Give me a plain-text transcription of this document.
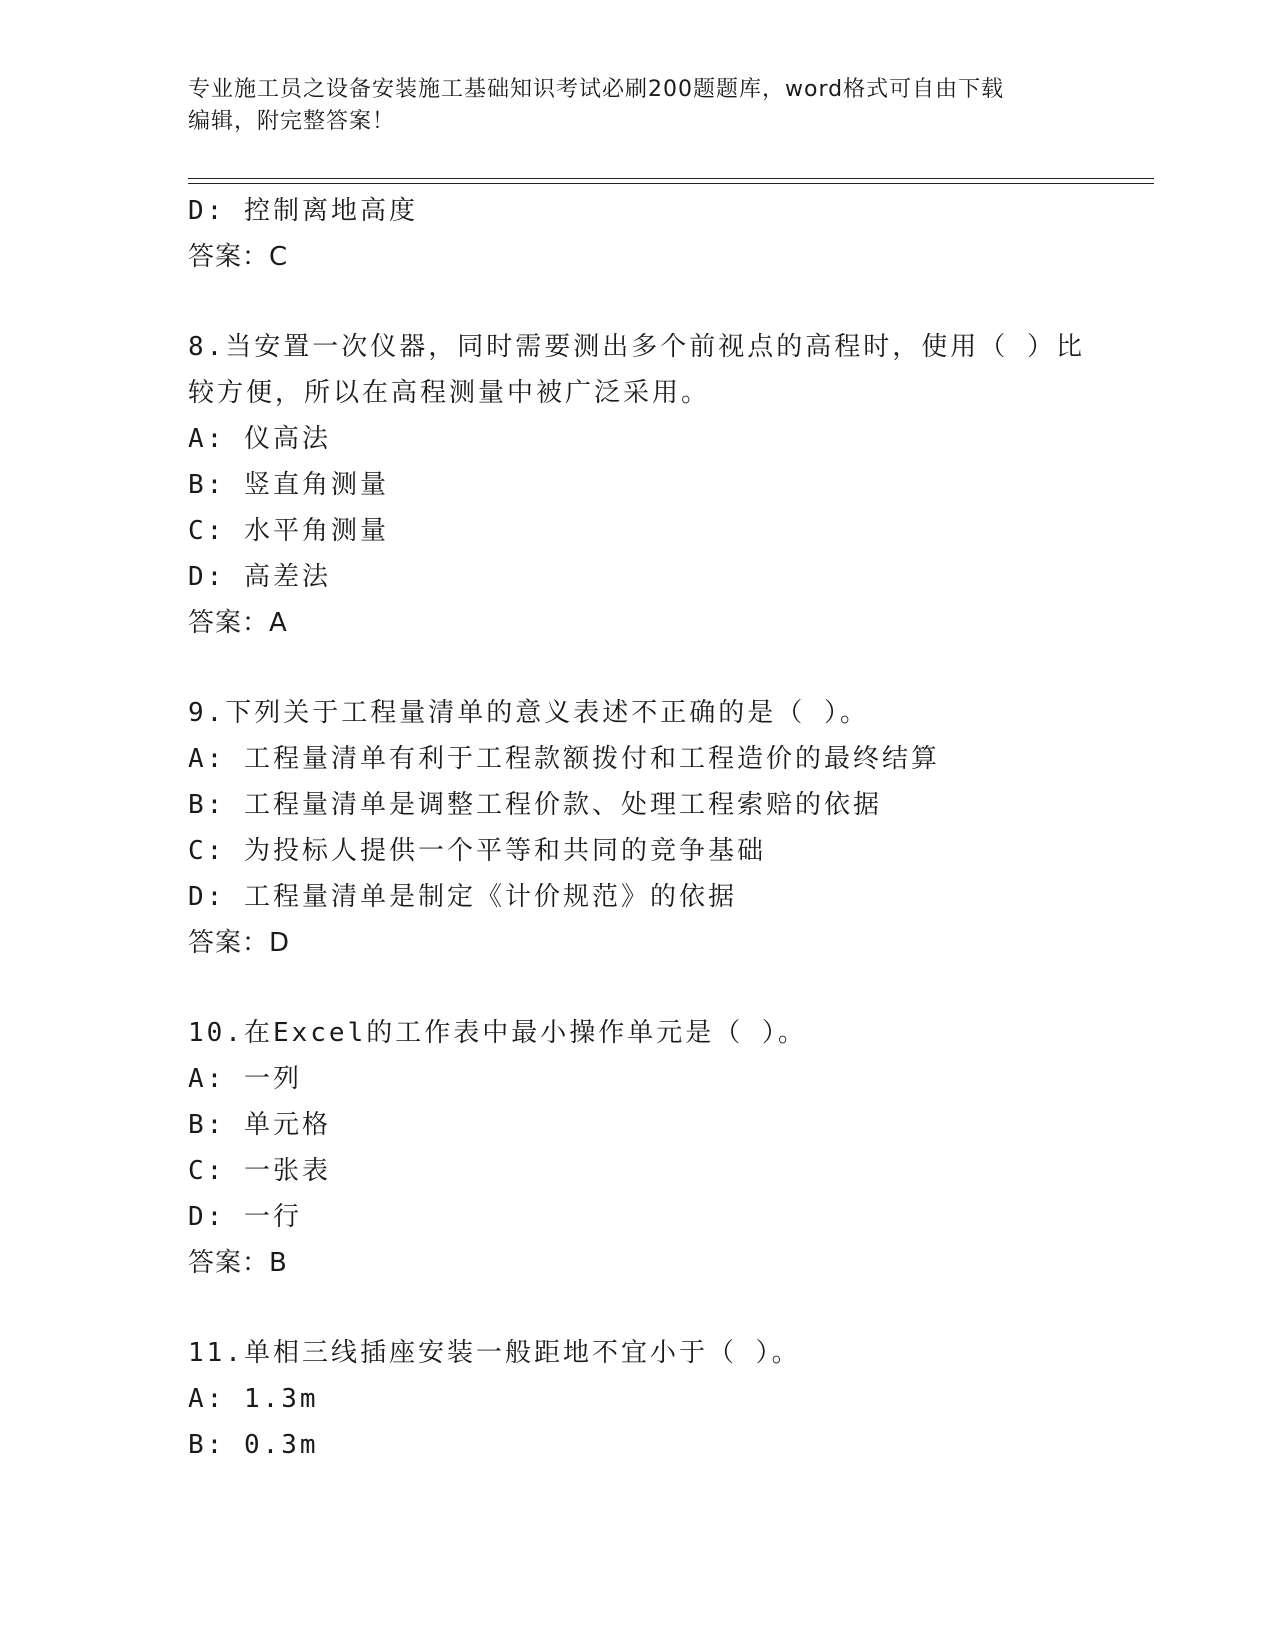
专业施工员之设备安装施工基础知识考试必刷200题题库，word格式可自由下载
编辑，附完整答案！
D: 控制离地高度
答案：C
8.当安置一次仪器，同时需要测出多个前视点的高程时，使用（ ）比
较方便，所以在高程测量中被广泛采用。
A: 仪高法
B: 竖直角测量
C: 水平角测量
D: 高差法
答案：A
9.下列关于工程量清单的意义表述不正确的是（ ）。
A: 工程量清单有利于工程款额拨付和工程造价的最终结算
B: 工程量清单是调整工程价款、处理工程索赔的依据
C: 为投标人提供一个平等和共同的竞争基础
D: 工程量清单是制定《计价规范》的依据
答案：D
10.在Excel的工作表中最小操作单元是（ ）。
A: 一列
B: 单元格
C: 一张表
D: 一行
答案：B
11.单相三线插座安装一般距地不宜小于（ ）。
A: 1.3m
B: 0.3m
